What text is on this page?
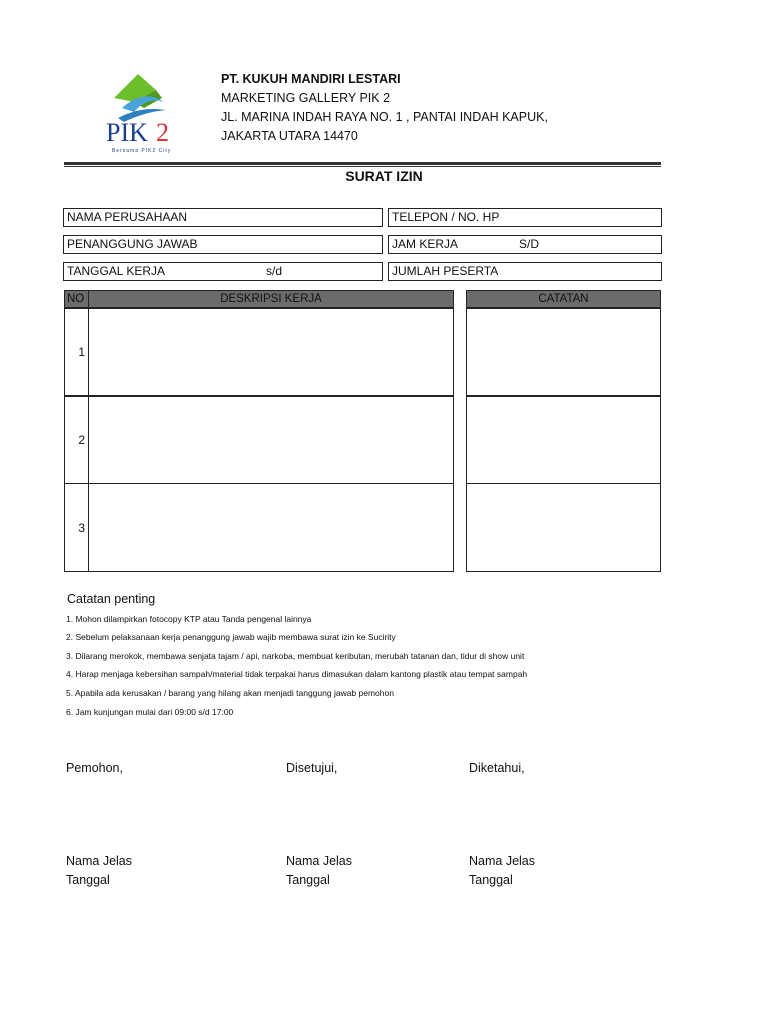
PIK 2
Bersama PIK2 City
PT. KUKUH MANDIRI LESTARI
MARKETING GALLERY PIK 2
JL. MARINA INDAH RAYA NO. 1 , PANTAI INDAH KAPUK,
JAKARTA UTARA 14470
SURAT IZIN
NAMA PERUSAHAAN	TELEPON / NO. HP
PENANGGUNG JAWAB	JAM KERJA	S/D
TANGGAL KERJA	s/d	JUMLAH PESERTA
NO	DESKRIPSI KERJA	CATATAN
1
2
3
Catatan penting
1. Mohon dilampirkan fotocopy KTP atau Tanda pengenal lainnya
2. Sebelum pelaksanaan kerja penanggung jawab wajib membawa surat izin ke Sucirity
3. Dilarang merokok, membawa senjata tajam / api, narkoba, membuat keributan, merubah tatanan dan, tidur di show unit
4. Harap menjaga kebersihan sampah/material tidak terpakai harus dimasukan dalam kantong plastik atau tempat sampah
5. Apabila ada kerusakan / barang yang hilang akan menjadi tanggung jawab pemohon
6. Jam kunjungan mulai dari 09:00 s/d 17:00
Pemohon,	Disetujui,	Diketahui,
Nama Jelas	Nama Jelas	Nama Jelas
Tanggal	Tanggal	Tanggal
